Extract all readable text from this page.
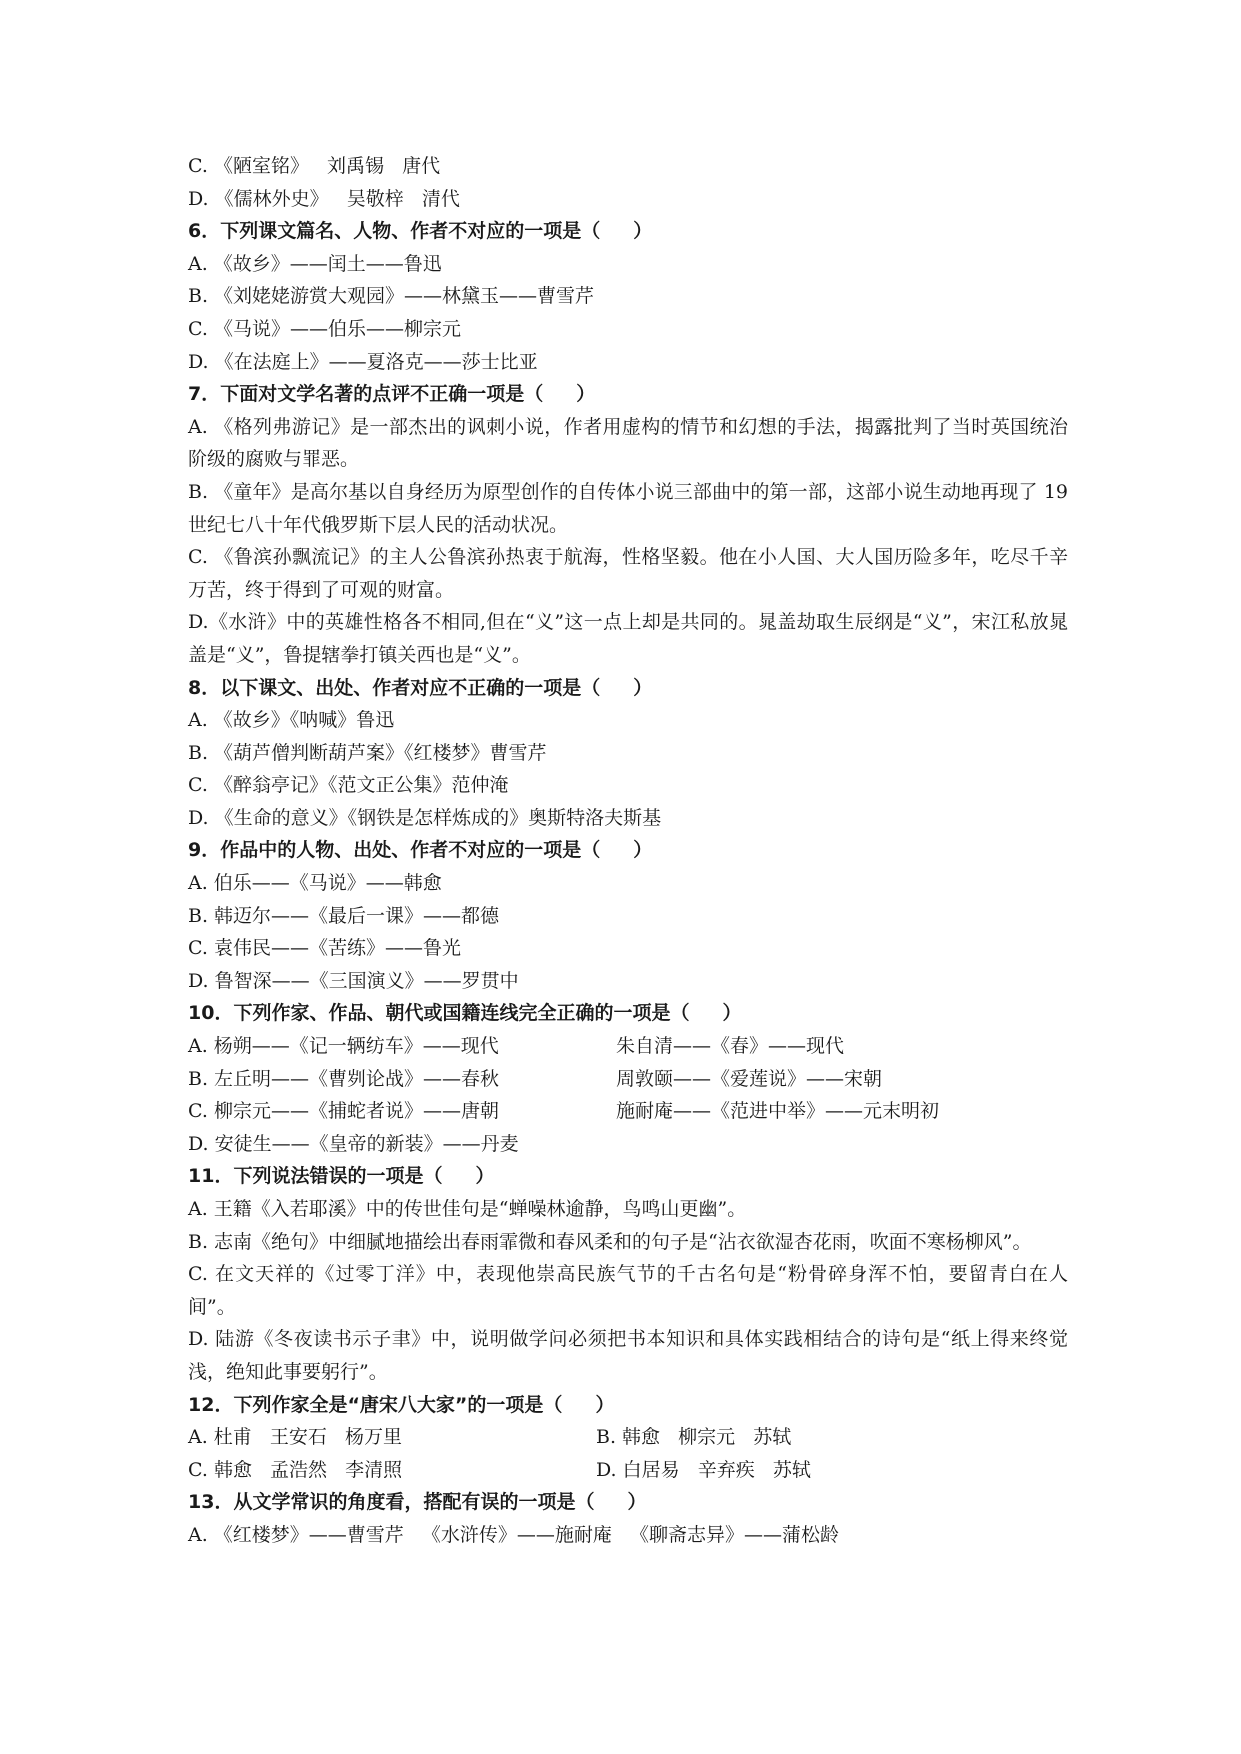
C. 《陋室铭》   刘禹锡   唐代
D. 《儒林外史》   吴敬梓   清代
6．下列课文篇名、人物、作者不对应的一项是（     ）
A. 《故乡》——闰土——鲁迅
B. 《刘姥姥游赏大观园》——林黛玉——曹雪芹
C. 《马说》——伯乐——柳宗元
D. 《在法庭上》——夏洛克——莎士比亚
7．下面对文学名著的点评不正确一项是（     ）
A. 《格列弗游记》是一部杰出的讽刺小说，作者用虚构的情节和幻想的手法，揭露批判了当时英国统治阶级的腐败与罪恶。
B. 《童年》是高尔基以自身经历为原型创作的自传体小说三部曲中的第一部，这部小说生动地再现了 19 世纪七八十年代俄罗斯下层人民的活动状况。
C. 《鲁滨孙飘流记》的主人公鲁滨孙热衷于航海，性格坚毅。他在小人国、大人国历险多年，吃尽千辛万苦，终于得到了可观的财富。
D.《水浒》中的英雄性格各不相同,但在“义”这一点上却是共同的。晁盖劫取生辰纲是“义”，宋江私放晁盖是“义”，鲁提辖拳打镇关西也是“义”。
8．以下课文、出处、作者对应不正确的一项是（     ）
A. 《故乡》《呐喊》鲁迅
B. 《葫芦僧判断葫芦案》《红楼梦》曹雪芹
C. 《醉翁亭记》《范文正公集》范仲淹
D. 《生命的意义》《钢铁是怎样炼成的》奥斯特洛夫斯基
9．作品中的人物、出处、作者不对应的一项是（     ）
A. 伯乐——《马说》——韩愈
B. 韩迈尔——《最后一课》——都德
C. 袁伟民——《苦练》——鲁光
D. 鲁智深——《三国演义》——罗贯中
10．下列作家、作品、朝代或国籍连线完全正确的一项是（     ）
A. 杨朔——《记一辆纺车》——现代	朱自清——《春》——现代
B. 左丘明——《曹刿论战》——春秋	周敦颐——《爱莲说》——宋朝
C. 柳宗元——《捕蛇者说》——唐朝	施耐庵——《范进中举》——元末明初
D. 安徒生——《皇帝的新装》——丹麦
11．下列说法错误的一项是（     ）
A. 王籍《入若耶溪》中的传世佳句是“蝉噪林逾静，鸟鸣山更幽”。
B. 志南《绝句》中细腻地描绘出春雨霏微和春风柔和的句子是“沾衣欲湿杏花雨，吹面不寒杨柳风”。
C. 在文天祥的《过零丁洋》中，表现他崇高民族气节的千古名句是“粉骨碎身浑不怕，要留青白在人间”。
D. 陆游《冬夜读书示子聿》中，说明做学问必须把书本知识和具体实践相结合的诗句是“纸上得来终觉浅，绝知此事要躬行”。
12．下列作家全是“唐宋八大家”的一项是（     ）
A. 杜甫   王安石   杨万里	B. 韩愈   柳宗元   苏轼
C. 韩愈   孟浩然   李清照	D. 白居易   辛弃疾   苏轼
13．从文学常识的角度看，搭配有误的一项是（     ）
A. 《红楼梦》——曹雪芹   《水浒传》——施耐庵   《聊斋志异》——蒲松龄
